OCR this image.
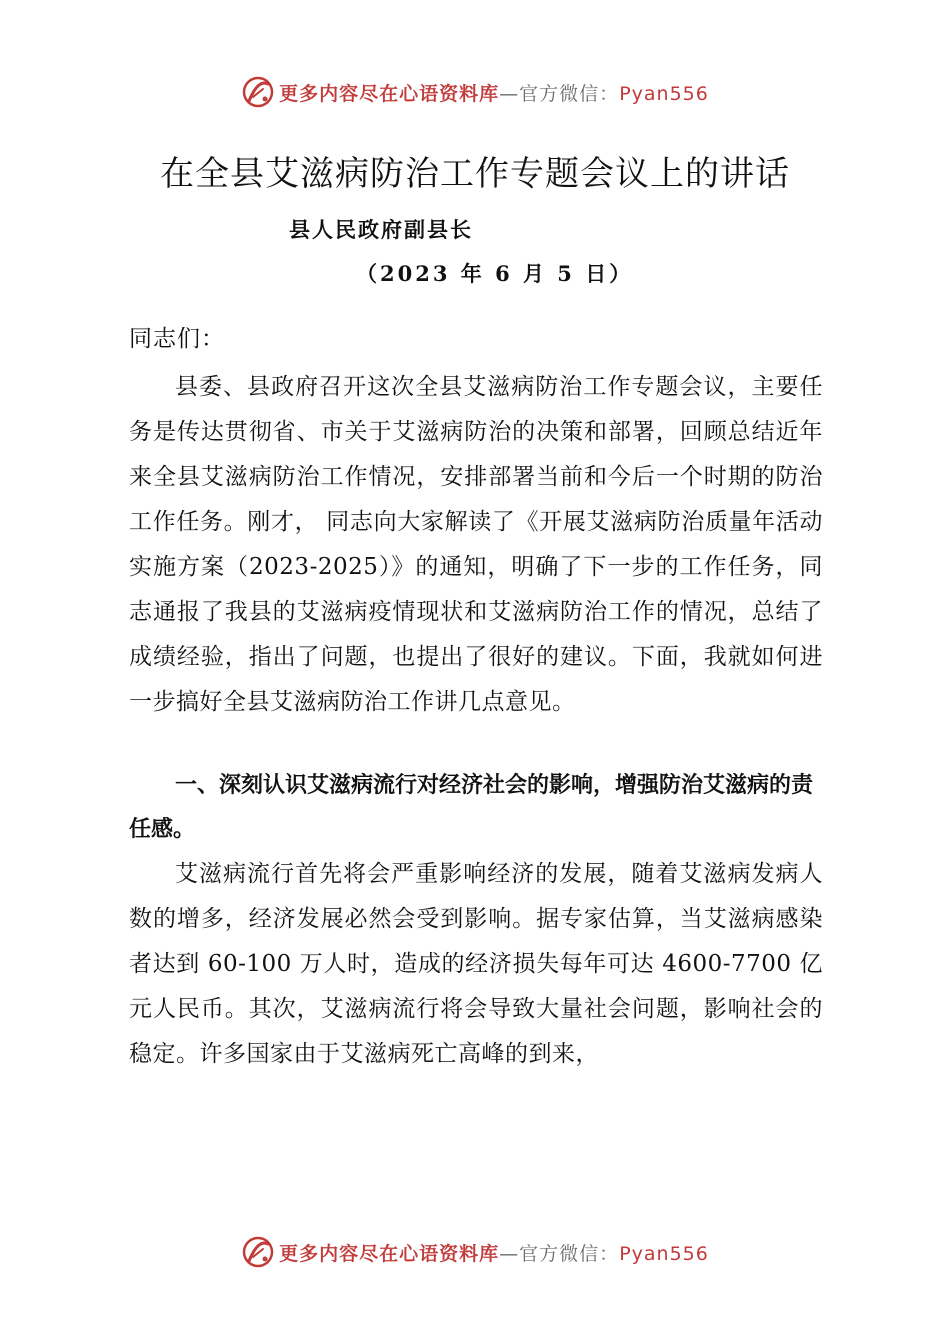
更多内容尽在心语资料库—官方微信：Pyan556
在全县艾滋病防治工作专题会议上的讲话
县人民政府副县长
（2023 年 6 月 5 日）
同志们：
县委、县政府召开这次全县艾滋病防治工作专题会议，主要任务是传达贯彻省、市关于艾滋病防治的决策和部署，回顾总结近年来全县艾滋病防治工作情况，安排部署当前和今后一个时期的防治工作任务。刚才， 同志向大家解读了《开展艾滋病防治质量年活动实施方案（2023-2025）》的通知，明确了下一步的工作任务，同志通报了我县的艾滋病疫情现状和艾滋病防治工作的情况，总结了成绩经验，指出了问题，也提出了很好的建议。下面，我就如何进一步搞好全县艾滋病防治工作讲几点意见。
一、深刻认识艾滋病流行对经济社会的影响，增强防治艾滋病的责任感。
艾滋病流行首先将会严重影响经济的发展，随着艾滋病发病人数的增多，经济发展必然会受到影响。据专家估算，当艾滋病感染者达到 60-100 万人时，造成的经济损失每年可达 4600-7700 亿元人民币。其次，艾滋病流行将会导致大量社会问题，影响社会的稳定。许多国家由于艾滋病死亡高峰的到来，
更多内容尽在心语资料库—官方微信：Pyan556
